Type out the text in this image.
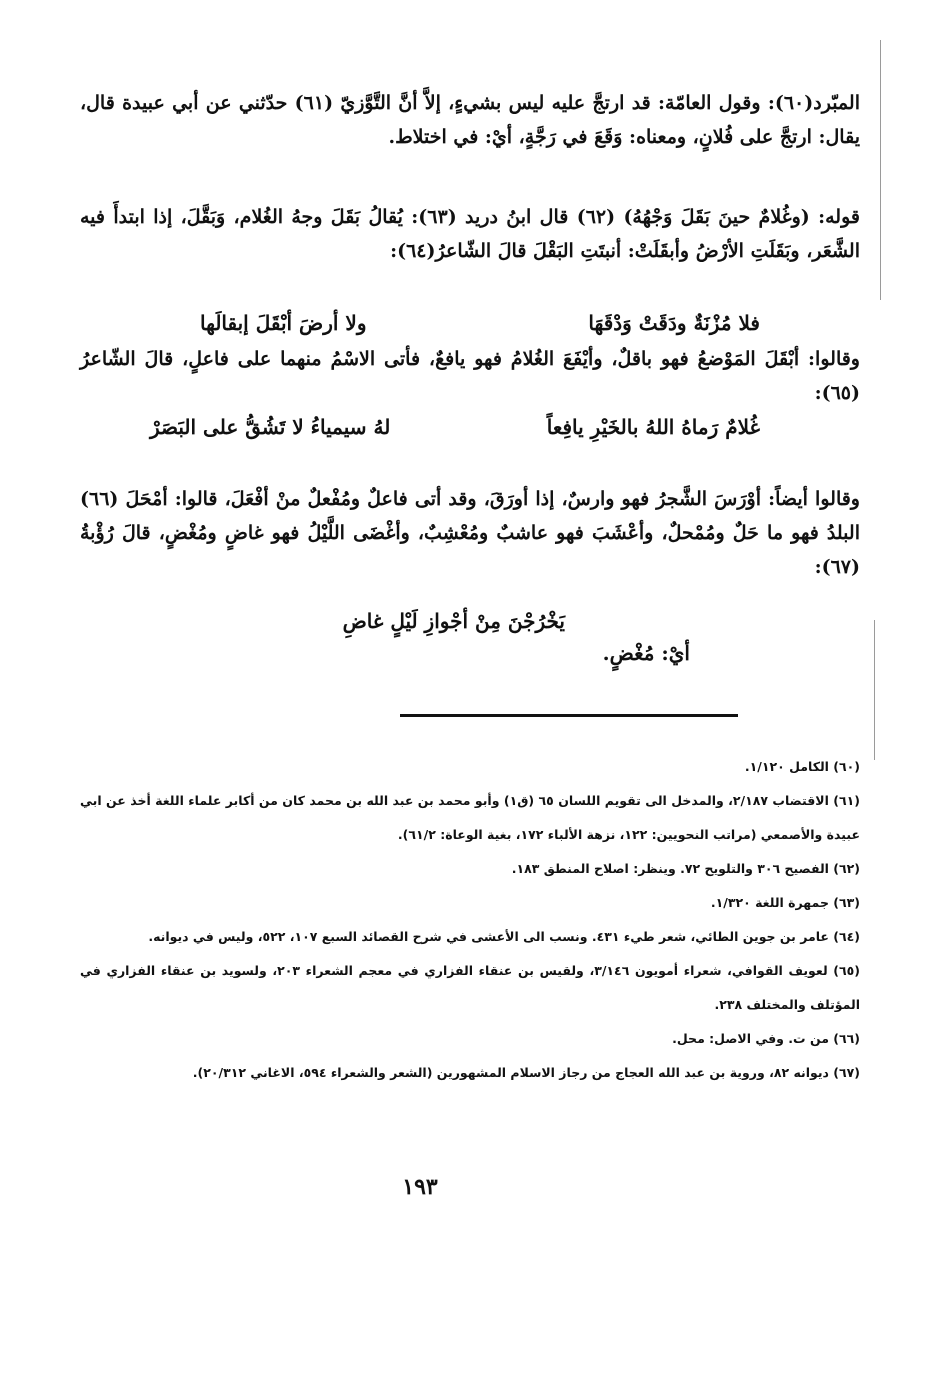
المبّرد(٦٠): وقول العامّة: قد ارتجَّ عليه ليس بشيءٍ، إلاَّ أنَّ التَّوَّزيّ (٦١) حدّثني عن أبي عبيدة قال، يقال: ارتجَّ على فُلانٍ، ومعناه: وَقَعَ في رَجَّةٍ، أيْ: في اختلاط.

قوله: (وغُلامٌ حينَ بَقَلَ وَجْهُهُ) (٦٢) قال ابنُ دريد (٦٣): يُقالُ بَقَلَ وجهُ الغُلام، وَبَقَّلَ، إذا ابتدأَ فيه الشَّعَر، وبَقَلَتِ الأرْضُ وأبقَلَتْ: أنبتَتِ البَقْلَ قالَ الشّاعرُ(٦٤):

فلا مُزْنَةٌ ودَقَتْ وَدْقَهَا
ولا أرضَ أبْقَلَ إبقالَها

وقالوا: أبْقَلَ المَوْضعُ فهو باقلٌ، وأيْفَعَ الغُلامُ فهو يافعٌ، فأتى الاسْمُ منهما على فاعلٍ، قالَ الشّاعرُ (٦٥):

غُلامٌ رَماهُ اللهُ بالخَيْرِ يافِعاً
لهُ سيمياءُ لا تَشُقُّ على البَصَرْ

وقالوا أيضاً: أوْرَسَ الشَّجرُ فهو وارسٌ، إذا أورَقَ، وقد أتى فاعلٌ ومُفْعلٌ منْ أفْعَلَ، قالوا: أمْحَلَ (٦٦) البلدُ فهو ما حَلٌ ومُمْحلٌ، وأعْشَبَ فهو عاشبٌ ومُعْشِبٌ، وأغْضَى اللَّيْلُ فهو غاضٍ ومُغْضٍ، قالَ رُؤْبةُ (٦٧):

يَخْرُجْنَ مِنْ أجْوازِ لَيْلٍ غاضِ
أيْ: مُغْضٍ.

(٦٠) الكامل ١/١٢٠.

(٦١) الاقتضاب ٢/١٨٧، والمدخل الى تقويم اللسان ٦٥ (ق١) وأبو محمد بن عبد الله بن محمد كان من أكابر علماء اللغة أخذ عن ابي عبيدة والأصمعي (مراتب النحويين: ١٢٢، نزهة الألباء ١٧٢، بغية الوعاة: ٦١/٢).

(٦٢) الفصيح ٣٠٦ والتلويح ٧٢. وينظر: اصلاح المنطق ١٨٣.

(٦٣) جمهرة اللغة ١/٣٢٠.

(٦٤) عامر بن جوين الطائي، شعر طيء ٤٣١. ونسب الى الأعشى في شرح القصائد السبع ١٠٧، ٥٢٢، وليس في ديوانه.

(٦٥) لعويف القوافي، شعراء أمويون ٣/١٤٦، ولقيس بن عنقاء الفزاري في معجم الشعراء ٢٠٣، ولسويد بن عنقاء الفزاري في المؤتلف والمختلف ٢٣٨.

(٦٦) من ت. وفي الاصل: محل.

(٦٧) ديوانه ٨٢، وروية بن عبد الله العجاج من رجاز الاسلام المشهورين (الشعر والشعراء ٥٩٤، الاغاني ٢٠/٣١٢).

١٩٣
